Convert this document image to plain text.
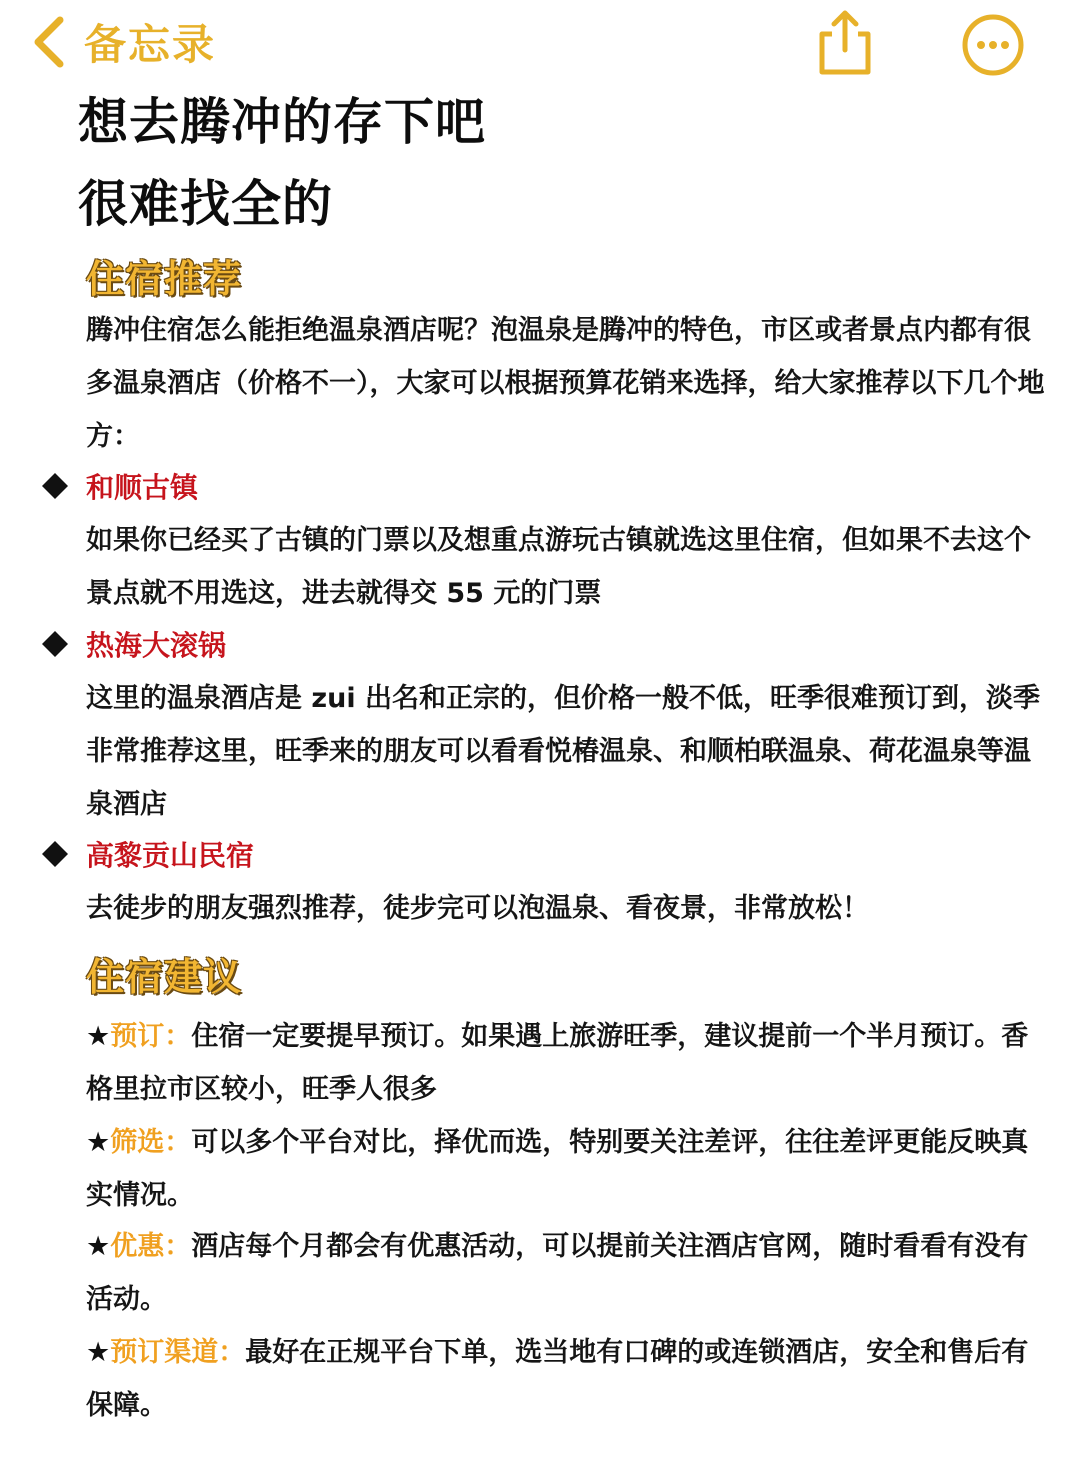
备忘录
想去腾冲的存下吧
很难找全的
住宿推荐

腾冲住宿怎么能拒绝温泉酒店呢？泡温泉是腾冲的特色，市区或者景点内都有很多温泉酒店（价格不一），大家可以根据预算花销来选择，给大家推荐以下几个地方：

和顺古镇

如果你已经买了古镇的门票以及想重点游玩古镇就选这里住宿，但如果不去这个景点就不用选这，进去就得交 55 元的门票

热海大滚锅

这里的温泉酒店是 zui 出名和正宗的，但价格一般不低，旺季很难预订到，淡季非常推荐这里，旺季来的朋友可以看看悦椿温泉、和顺柏联温泉、荷花温泉等温泉酒店

高黎贡山民宿

去徒步的朋友强烈推荐，徒步完可以泡温泉、看夜景，非常放松！

住宿建议

★预订：住宿一定要提早预订。如果遇上旅游旺季，建议提前一个半月预订。香格里拉市区较小，旺季人很多

★筛选：可以多个平台对比，择优而选，特别要关注差评，往往差评更能反映真实情况。

★优惠：酒店每个月都会有优惠活动，可以提前关注酒店官网，随时看看有没有活动。

★预订渠道：最好在正规平台下单，选当地有口碑的或连锁酒店，安全和售后有保障。
